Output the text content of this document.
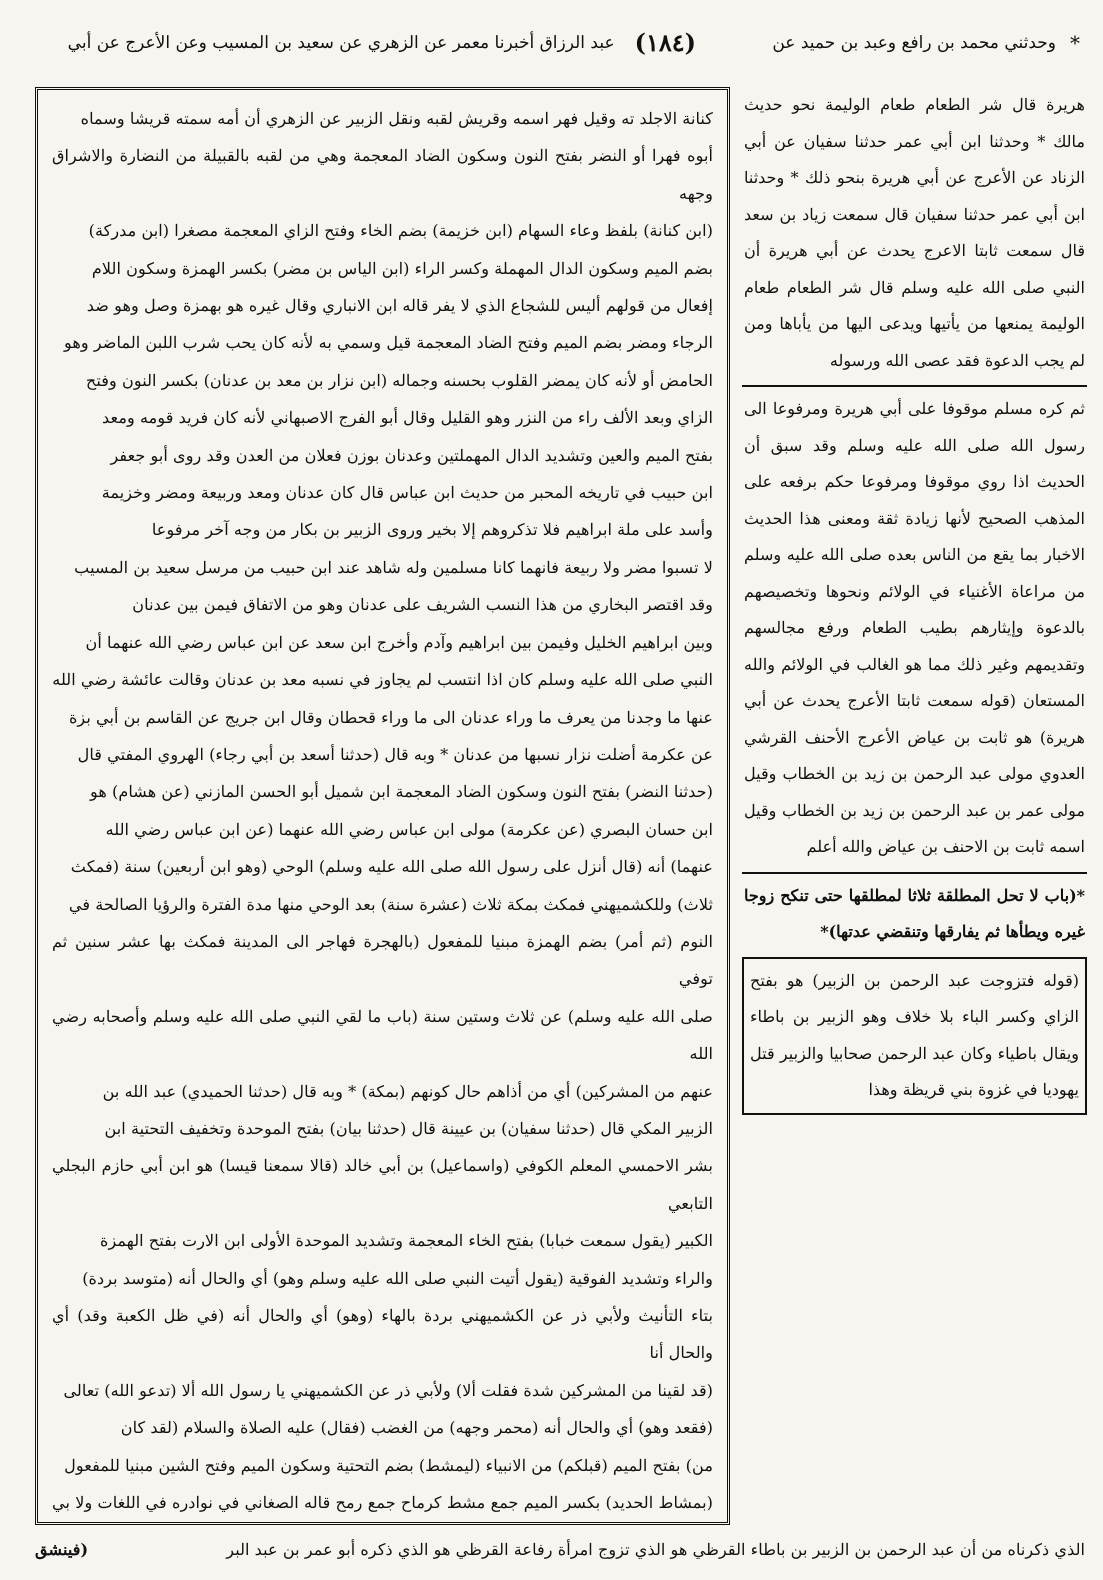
*
وحدثني محمد بن رافع وعبد بن حميد عن
(١٨٤)
عبد الرزاق أخبرنا معمر عن الزهري عن سعيد بن المسيب وعن الأعرج عن أبي

هريرة قال شر الطعام طعام الوليمة نحو حديث مالك * وحدثنا ابن أبي عمر حدثنا سفيان عن أبي الزناد عن الأعرج عن أبي هريرة بنحو ذلك * وحدثنا ابن أبي عمر حدثنا سفيان قال سمعت زياد بن سعد قال سمعت ثابتا الاعرج يحدث عن أبي هريرة أن النبي صلى الله عليه وسلم قال شر الطعام طعام الوليمة يمنعها من يأتيها ويدعى اليها من يأباها ومن لم يجب الدعوة فقد عصى الله ورسوله

ثم كره مسلم موقوفا على أبي هريرة ومرفوعا الى رسول الله صلى الله عليه وسلم وقد سبق أن الحديث اذا روي موقوفا ومرفوعا حكم برفعه على المذهب الصحيح لأنها زيادة ثقة ومعنى هذا الحديث الاخبار بما يقع من الناس بعده صلى الله عليه وسلم من مراعاة الأغنياء في الولائم ونحوها وتخصيصهم بالدعوة وإيثارهم بطيب الطعام ورفع مجالسهم وتقديمهم وغير ذلك مما هو الغالب في الولائم والله المستعان (قوله سمعت ثابتا الأعرج يحدث عن أبي هريرة) هو ثابت بن عياض الأعرج الأحنف القرشي العدوي مولى عبد الرحمن بن زيد بن الخطاب وقيل مولى عمر بن عبد الرحمن بن زيد بن الخطاب وقيل اسمه ثابت بن الاحنف بن عياض والله أعلم

*(باب لا تحل المطلقة ثلاثا لمطلقها حتى تنكح زوجا غيره ويطأها ثم يفارقها وتنقضي عدتها)*

(قوله فتزوجت عبد الرحمن بن الزبير) هو بفتح الزاي وكسر الباء بلا خلاف وهو الزبير بن باطاء ويقال باطياء وكان عبد الرحمن صحابيا والزبير قتل يهوديا في غزوة بني قريظة وهذا
كنانة الاجلد ته وقيل فهر اسمه وقريش لقبه ونقل الزبير عن الزهري أن أمه سمته قريشا وسماه
أبوه فهرا أو النضر بفتح النون وسكون الضاد المعجمة وهي من لقبه بالقبيلة من النضارة والاشراق وجهه
(ابن كنانة) بلفظ وعاء السهام (ابن خزيمة) بضم الخاء وفتح الزاي المعجمة مصغرا (ابن مدركة)
بضم الميم وسكون الدال المهملة وكسر الراء (ابن الياس بن مضر) بكسر الهمزة وسكون اللام
إفعال من قولهم أليس للشجاع الذي لا يفر قاله ابن الانباري وقال غيره هو بهمزة وصل وهو ضد
الرجاء ومضر بضم الميم وفتح الضاد المعجمة قيل وسمي به لأنه كان يحب شرب اللبن الماضر وهو
الحامض أو لأنه كان يمضر القلوب بحسنه وجماله (ابن نزار بن معد بن عدنان) بكسر النون وفتح
الزاي وبعد الألف راء من النزر وهو القليل وقال أبو الفرج الاصبهاني لأنه كان فريد قومه ومعد
بفتح الميم والعين وتشديد الدال المهملتين وعدنان بوزن فعلان من العدن وقد روى أبو جعفر
ابن حبيب في تاريخه المحبر من حديث ابن عباس قال كان عدنان ومعد وربيعة ومضر وخزيمة
وأسد على ملة ابراهيم فلا تذكروهم إلا بخير وروى الزبير بن بكار من وجه آخر مرفوعا
لا تسبوا مضر ولا ربيعة فانهما كانا مسلمين وله شاهد عند ابن حبيب من مرسل سعيد بن المسيب
وقد اقتصر البخاري من هذا النسب الشريف على عدنان وهو من الاتفاق فيمن بين عدنان
وبين ابراهيم الخليل وفيمن بين ابراهيم وآدم وأخرج ابن سعد عن ابن عباس رضي الله عنهما أن
النبي صلى الله عليه وسلم كان اذا انتسب لم يجاوز في نسبه معد بن عدنان وقالت عائشة رضي الله
عنها ما وجدنا من يعرف ما وراء عدنان الى ما وراء قحطان وقال ابن جريج عن القاسم بن أبي بزة
عن عكرمة أضلت نزار نسبها من عدنان * وبه قال (حدثنا أسعد بن أبي رجاء) الهروي المفتي قال
(حدثنا النضر) بفتح النون وسكون الضاد المعجمة ابن شميل أبو الحسن المازني (عن هشام) هو
ابن حسان البصري (عن عكرمة) مولى ابن عباس رضي الله عنهما (عن ابن عباس رضي الله
عنهما) أنه (قال أنزل على رسول الله صلى الله عليه وسلم) الوحي (وهو ابن أربعين) سنة (فمكث
ثلاث) وللكشميهني فمكث بمكة ثلاث (عشرة سنة) بعد الوحي منها مدة الفترة والرؤيا الصالحة في
النوم (ثم أمر) بضم الهمزة مبنيا للمفعول (بالهجرة فهاجر الى المدينة فمكث بها عشر سنين ثم توفي
صلى الله عليه وسلم) عن ثلاث وستين سنة (باب ما لقي النبي صلى الله عليه وسلم وأصحابه رضي الله
عنهم من المشركين) أي من أذاهم حال كونهم (بمكة) * وبه قال (حدثنا الحميدي) عبد الله بن
الزبير المكي قال (حدثنا سفيان) بن عيينة قال (حدثنا بيان) بفتح الموحدة وتخفيف التحتية ابن
بشر الاحمسي المعلم الكوفي (واسماعيل) بن أبي خالد (قالا سمعنا قيسا) هو ابن أبي حازم البجلي التابعي
الكبير (يقول سمعت خبابا) بفتح الخاء المعجمة وتشديد الموحدة الأولى ابن الارت بفتح الهمزة
والراء وتشديد الفوقية (يقول أتيت النبي صلى الله عليه وسلم وهو) أي والحال أنه (متوسد بردة)
بتاء التأنيث ولأبي ذر عن الكشميهني بردة بالهاء (وهو) أي والحال أنه (في ظل الكعبة وقد) أي والحال أنا
(قد لقينا من المشركين شدة فقلت ألا) ولأبي ذر عن الكشميهني يا رسول الله ألا (تدعو الله) تعالى
(فقعد وهو) أي والحال أنه (محمر وجهه) من الغضب (فقال) عليه الصلاة والسلام (لقد كان
من) بفتح الميم (قبلكم) من الانبياء (ليمشط) بضم التحتية وسكون الميم وفتح الشين مبنيا للمفعول
(بمشاط الحديد) بكسر الميم جمع مشط كرماح جمع رمح قاله الصغاني في نوادره في اللغات ولا بي
الذي ذكرناه من أن عبد الرحمن بن الزبير بن باطاء القرظي هو الذي تزوج امرأة رفاعة القرظي هو الذي ذكره أبو عمر بن عبد البر
(فينشق
